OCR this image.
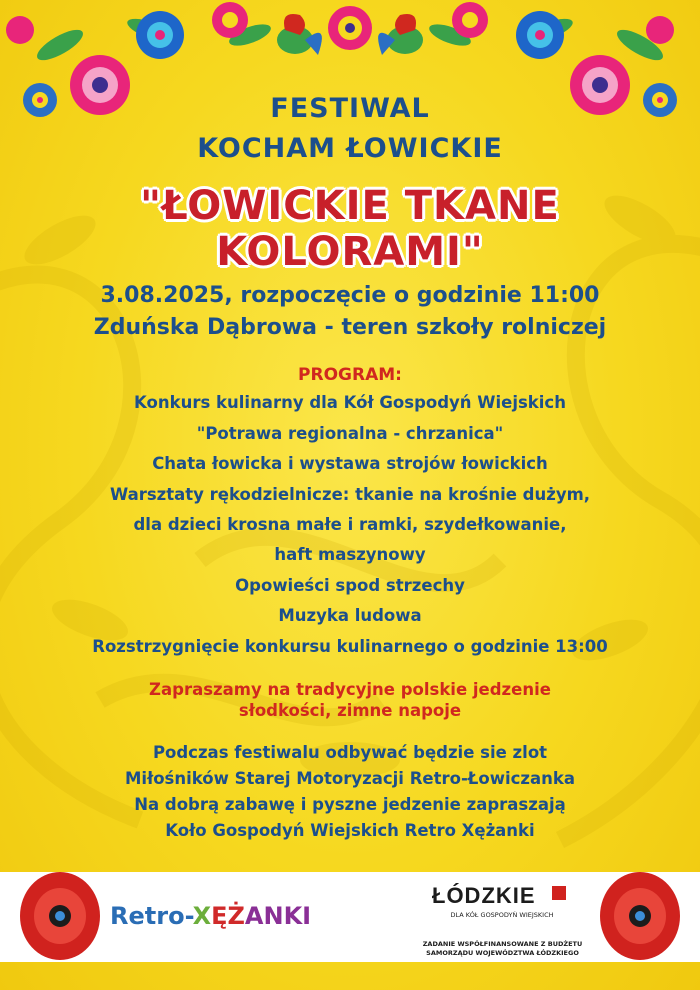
FESTIWAL
KOCHAM ŁOWICKIE
"ŁOWICKIE TKANE KOLORAMI"
3.08.2025, rozpoczęcie o godzinie 11:00
Zduńska Dąbrowa - teren szkoły rolniczej
PROGRAM:
Konkurs kulinarny dla Kół Gospodyń Wiejskich
"Potrawa regionalna - chrzanica"
Chata łowicka i wystawa strojów łowickich
Warsztaty rękodzielnicze: tkanie na krośnie dużym,
dla dzieci krosna małe i ramki, szydełkowanie,
haft maszynowy
Opowieści spod strzechy
Muzyka ludowa
Rozstrzygnięcie konkursu kulinarnego o godzinie 13:00
Zapraszamy na tradycyjne polskie jedzenie
słodkości, zimne napoje
Podczas festiwalu odbywać będzie sie zlot
Miłośników Starej Motoryzacji Retro-Łowiczanka
Na dobrą zabawę i pyszne jedzenie zapraszają
Koło Gospodyń Wiejskich Retro Xężanki
Retro-XĘŻANKI
ŁÓDZKIE
DLA KÓŁ GOSPODYŃ WIEJSKICH
ZADANIE WSPÓŁFINANSOWANE Z BUDŻETU
SAMORZĄDU WOJEWÓDZTWA ŁÓDZKIEGO
